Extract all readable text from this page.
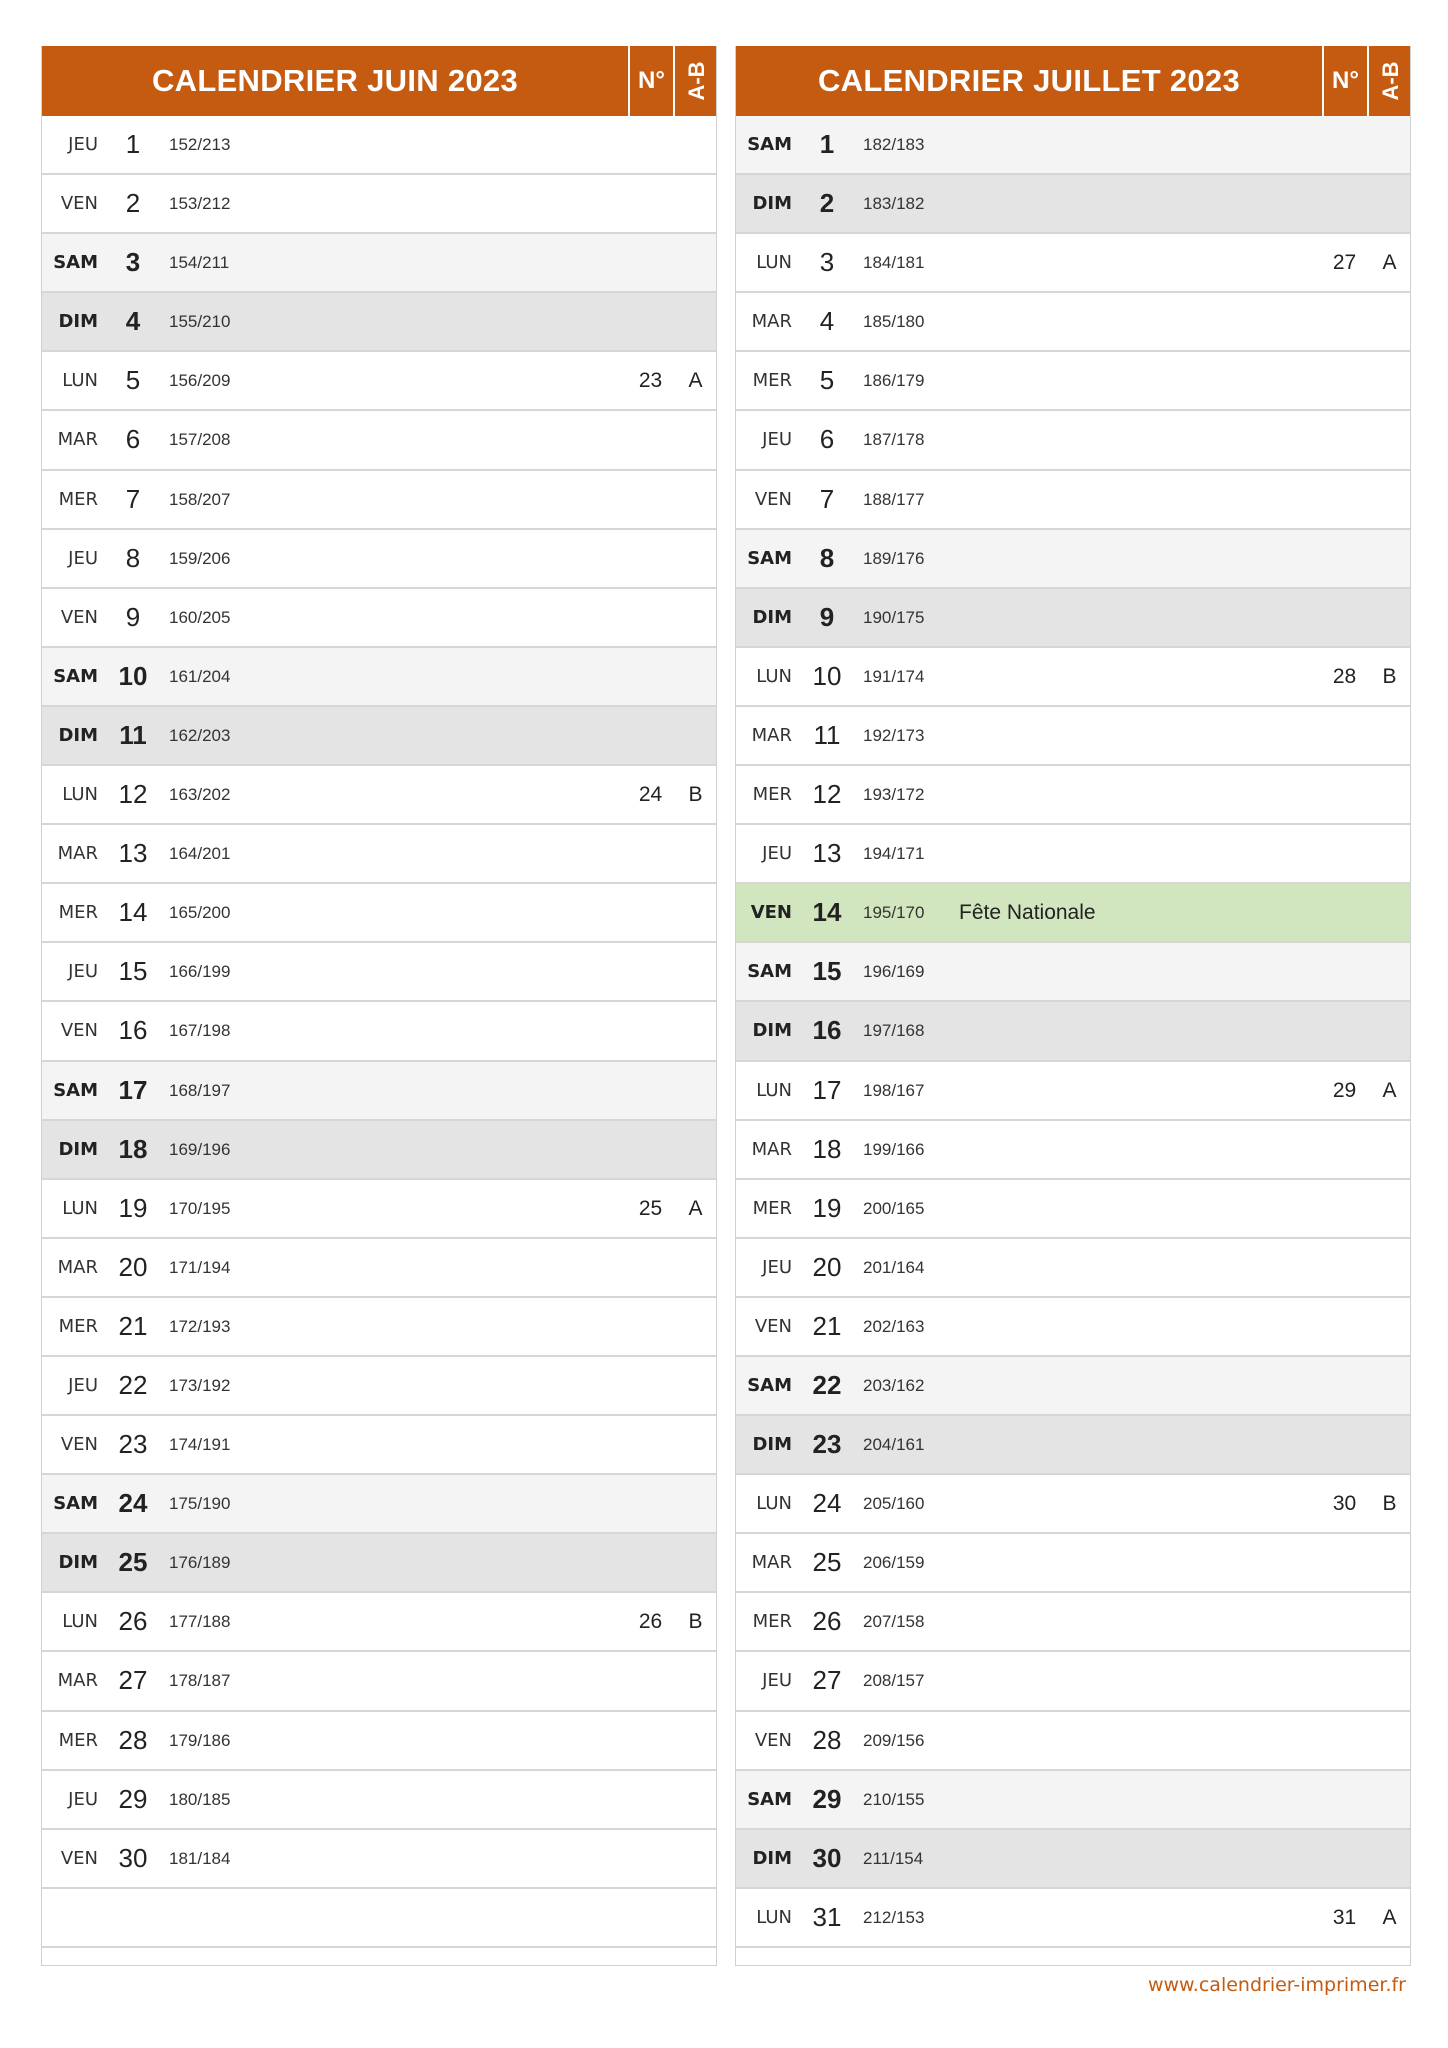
CALENDRIER JUIN 2023	N° A-B
JEU	1	152/213
VEN	2	153/212
SAM	3	154/211
DIM	4	155/210
LUN	5	156/209	23	A
MAR	6	157/208
MER	7	158/207
JEU	8	159/206
VEN	9	160/205
SAM 10	161/204
DIM 11	162/203
LUN 12	163/202	24	B
MAR 13	164/201
MER 14	165/200
JEU 15	166/199
VEN 16	167/198
SAM 17	168/197
DIM 18	169/196
LUN 19	170/195	25	A
MAR 20	171/194
MER 21	172/193
JEU 22	173/192
VEN 23	174/191
SAM 24	175/190
DIM 25	176/189
LUN 26	177/188	26	B
MAR 27	178/187
MER 28	179/186
JEU 29	180/185
VEN 30	181/184
CALENDRIER JUILLET 2023	N° A-B
SAM	1	182/183
DIM	2	183/182
LUN	3	184/181	27	A
MAR	4	185/180
MER	5	186/179
JEU	6	187/178
VEN	7	188/177
SAM	8	189/176
DIM	9	190/175
LUN 10	191/174	28	B
MAR 11	192/173
MER 12	193/172
JEU 13	194/171
VEN 14	195/170 Fête Nationale
SAM 15	196/169
DIM 16	197/168
LUN 17	198/167	29	A
MAR 18	199/166
MER 19	200/165
JEU 20	201/164
VEN 21	202/163
SAM 22	203/162
DIM 23	204/161
LUN 24	205/160	30	B
MAR 25	206/159
MER 26	207/158
JEU 27	208/157
VEN 28	209/156
SAM 29	210/155
DIM 30	211/154
LUN 31	212/153	31	A
www.calendrier-imprimer.fr
